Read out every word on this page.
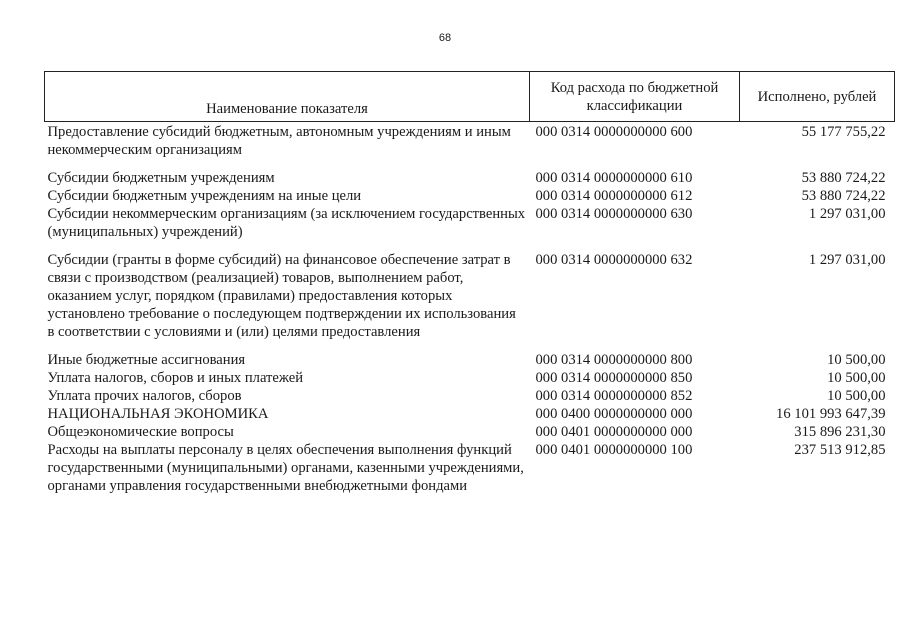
68
Наименование показателя	Код расхода по бюджетной классификации	Исполнено, рублей
Предоставление субсидий бюджетным, автономным учреждениям и иным некоммерческим организациям	000 0314 0000000000 600	55 177 755,22
Субсидии бюджетным учреждениям	000 0314 0000000000 610	53 880 724,22
Субсидии бюджетным учреждениям на иные цели	000 0314 0000000000 612	53 880 724,22
Субсидии некоммерческим организациям (за исключением государственных (муниципальных) учреждений)	000 0314 0000000000 630	1 297 031,00
Субсидии (гранты в форме субсидий) на финансовое обеспечение затрат в связи с производством (реализацией) товаров, выполнением работ, оказанием услуг, порядком (правилами) предоставления которых установлено требование о последующем подтверждении их использования в соответствии с условиями и (или) целями предоставления	000 0314 0000000000 632	1 297 031,00
Иные бюджетные ассигнования	000 0314 0000000000 800	10 500,00
Уплата налогов, сборов и иных платежей	000 0314 0000000000 850	10 500,00
Уплата прочих налогов, сборов	000 0314 0000000000 852	10 500,00
НАЦИОНАЛЬНАЯ ЭКОНОМИКА	000 0400 0000000000 000	16 101 993 647,39
Общеэкономические вопросы	000 0401 0000000000 000	315 896 231,30
Расходы на выплаты персоналу в целях обеспечения выполнения функций государственными (муниципальными) органами, казенными учреждениями, органами управления государственными внебюджетными фондами	000 0401 0000000000 100	237 513 912,85
